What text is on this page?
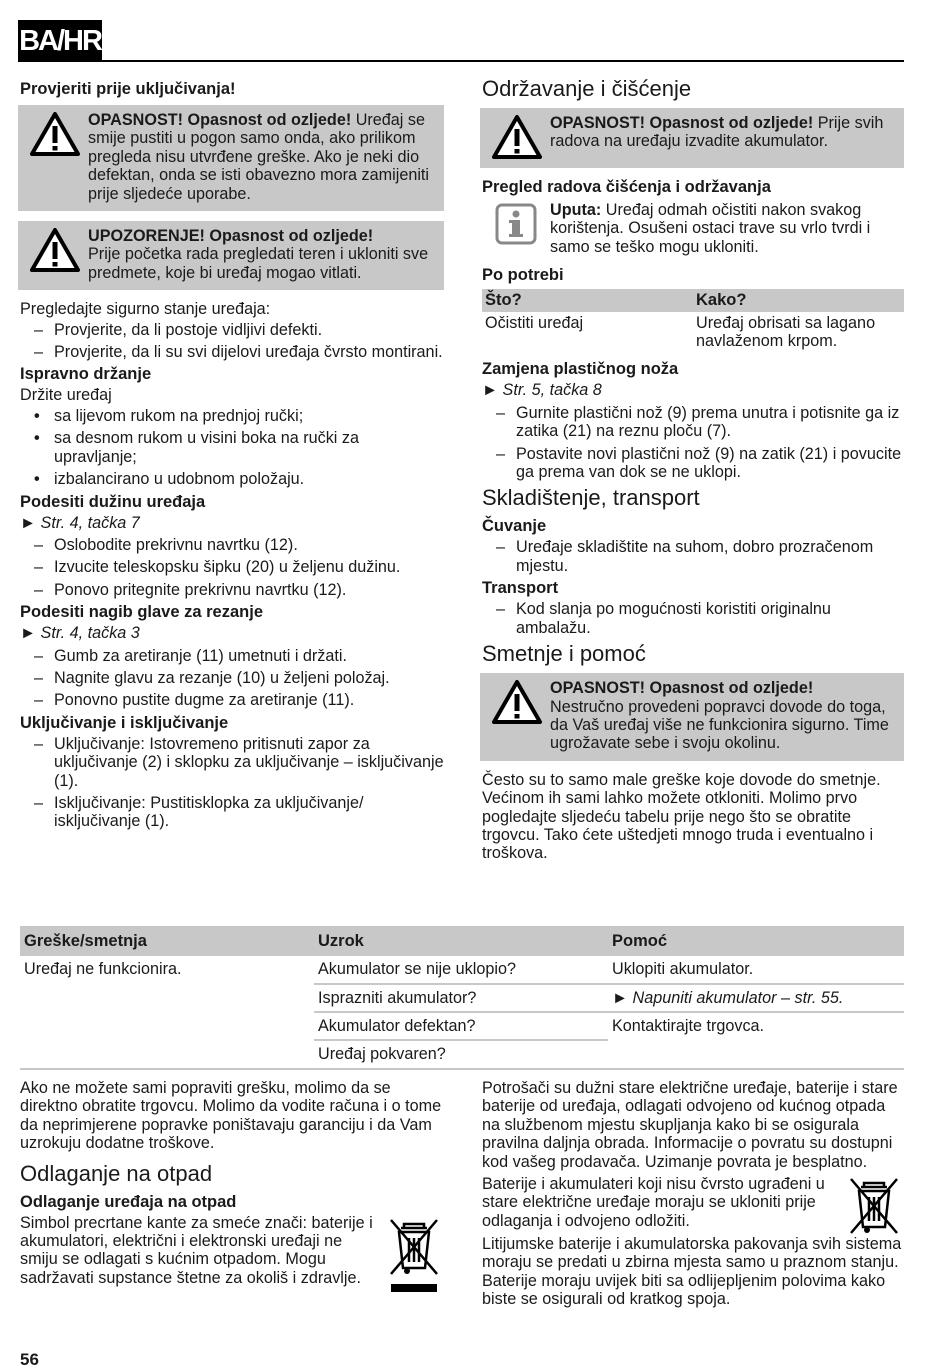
BA/HR
Provjeriti prije uključivanja!
OPASNOST! Opasnost od ozljede! Uređaj se smije pustiti u pogon samo onda, ako prilikom pregleda nisu utvrđene greške. Ako je neki dio defektan, onda se isti obavezno mora zamijeniti prije sljedeće uporabe.
UPOZORENJE! Opasnost od ozljede!
Prije početka rada pregledati teren i ukloniti sve predmete, koje bi uređaj mogao vitlati.

Pregledajte sigurno stanje uređaja:

– Provjerite, da li postoje vidljivi defekti.
– Provjerite, da li su svi dijelovi uređaja čvrsto montirani.
Ispravno držanje

Držite uređaj

• sa lijevom rukom na prednjoj ručki;
• sa desnom rukom u visini boka na ručki za upravljanje;
• izbalancirano u udobnom položaju.
Podesiti dužinu uređaja

► Str. 4, tačka 7

– Oslobodite prekrivnu navrtku (12).
– Izvucite teleskopsku šipku (20) u željenu dužinu.
– Ponovo pritegnite prekrivnu navrtku (12).
Podesiti nagib glave za rezanje

► Str. 4, tačka 3

– Gumb za aretiranje (11) umetnuti i držati.
– Nagnite glavu za rezanje (10) u željeni položaj.
– Ponovno pustite dugme za aretiranje (11).
Uključivanje i isključivanje
– Uključivanje: Istovremeno pritisnuti zapor za uključivanje (2) i sklopku za uključivanje – isključivanje (1).
– Isključivanje: Pustitisklopka za uključivanje/ isključivanje (1).
Održavanje i čišćenje
OPASNOST! Opasnost od ozljede! Prije svih radova na uređaju izvadite akumulator.
Pregled radova čišćenja i održavanja
Uputa: Uređaj odmah očistiti nakon svakog korištenja. Osušeni ostaci trave su vrlo tvrdi i samo se teško mogu ukloniti.
Po potrebi
Što?	Kako?
Očistiti uređaj	Uređaj obrisati sa lagano navlaženom krpom.
Zamjena plastičnog noža

► Str. 5, tačka 8

– Gurnite plastični nož (9) prema unutra i potisnite ga iz zatika (21) na reznu ploču (7).
– Postavite novi plastični nož (9) na zatik (21) i povucite ga prema van dok se ne uklopi.
Skladištenje, transport
Čuvanje
– Uređaje skladištite na suhom, dobro prozračenom mjestu.
Transport
– Kod slanja po mogućnosti koristiti originalnu ambalažu.
Smetnje i pomoć
OPASNOST! Opasnost od ozljede!
Nestručno provedeni popravci dovode do toga, da Vaš uređaj više ne funkcionira sigurno. Time ugrožavate sebe i svoju okolinu.

Često su to samo male greške koje dovode do smetnje. Većinom ih sami lahko možete otkloniti. Molimo prvo pogledajte sljedeću tabelu prije nego što se obratite trgovcu. Tako ćete uštedjeti mnogo truda i eventualno i troškova.

Greške/smetnja	Uzrok	Pomoć
Uređaj ne funkcionira.	Akumulator se nije uklopio?	Uklopiti akumulator.
	Isprazniti akumulator?	► Napuniti akumulator – str. 55.
	Akumulator defektan?	Kontaktirajte trgovca.
	Uređaj pokvaren?	

Ako ne možete sami popraviti grešku, molimo da se direktno obratite trgovcu. Molimo da vodite računa i o tome da neprimjerene popravke poništavaju garanciju i da Vam uzrokuju dodatne troškove.

Odlaganje na otpad
Odlaganje uređaja na otpad

Simbol precrtane kante za smeće znači: baterije i akumulatori, električni i elektronski uređaji ne smiju se odlagati s kućnim otpadom. Mogu sadržavati supstance štetne za okoliš i zdravlje.

Potrošači su dužni stare električne uređaje, baterije i stare baterije od uređaja, odlagati odvojeno od kućnog otpada na službenom mjestu skupljanja kako bi se osigurala pravilna daljnja obrada. Informacije o povratu su dostupni kod vašeg prodavača. Uzimanje povrata je besplatno.

Baterije i akumulateri koji nisu čvrsto ugrađeni u stare električne uređaje moraju se ukloniti prije odlaganja i odvojeno odložiti.

Litijumske baterije i akumulatorska pakovanja svih sistema moraju se predati u zbirna mjesta samo u praznom stanju. Baterije moraju uvijek biti sa odlijepljenim polovima kako biste se osigurali od kratkog spoja.

56
